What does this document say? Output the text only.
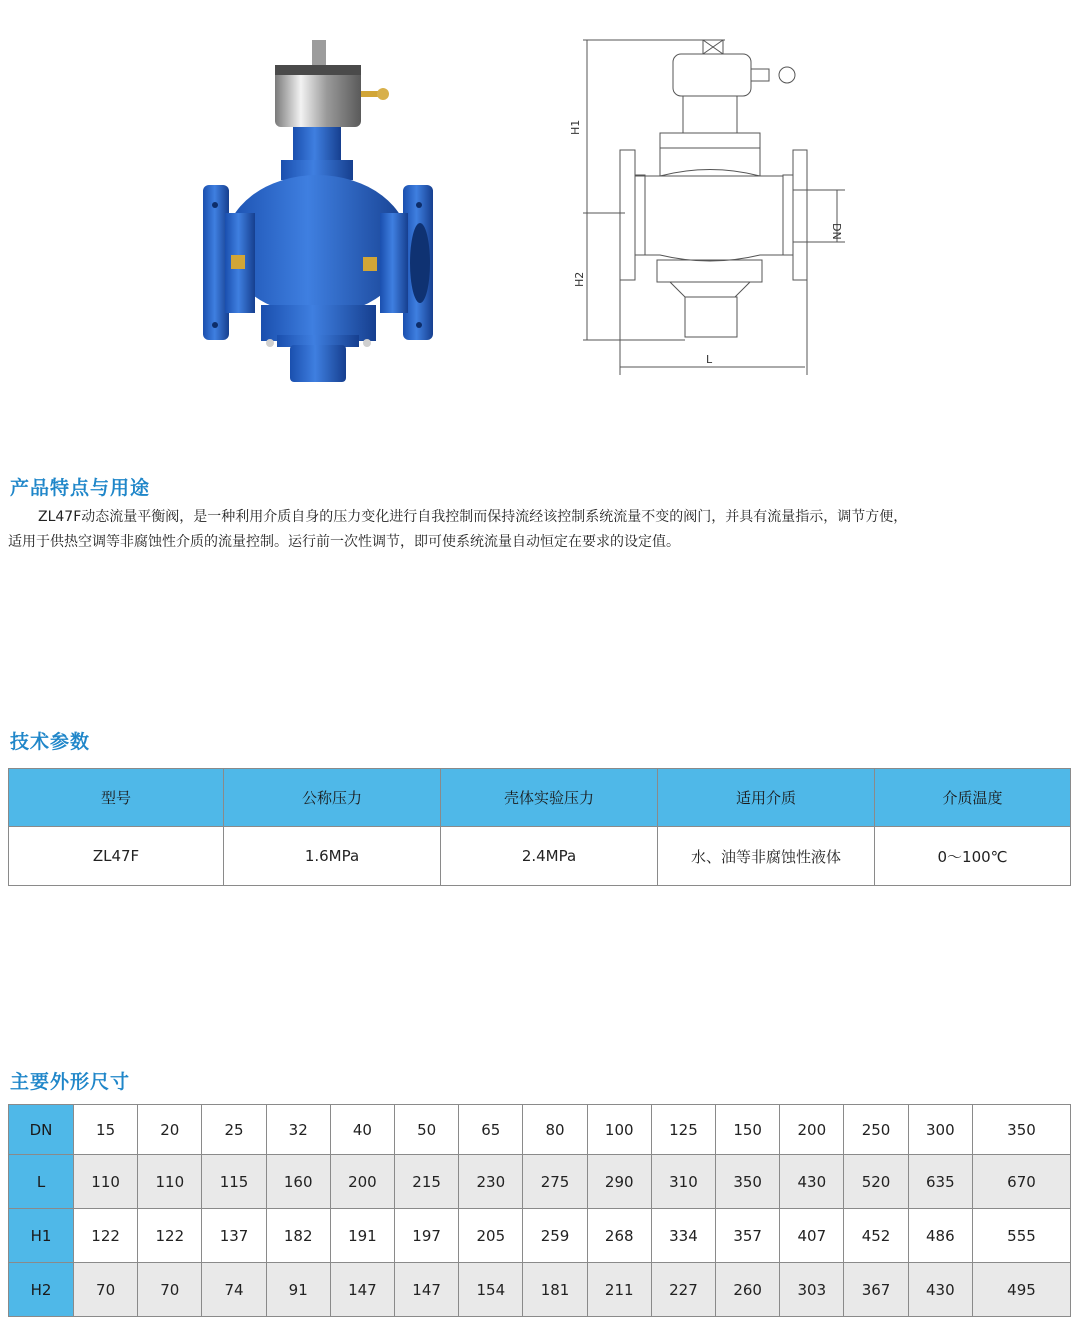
H1
H2
DN
L
产品特点与用途
ZL47F动态流量平衡阀，是一种利用介质自身的压力变化进行自我控制而保持流经该控制系统流量不变的阀门，并具有流量指示，调节方便，
适用于供热空调等非腐蚀性介质的流量控制。运行前一次性调节，即可使系统流量自动恒定在要求的设定值。
技术参数
型号	公称压力	壳体实验压力	适用介质	介质温度
ZL47F	1.6MPa	2.4MPa	水、油等非腐蚀性液体	0～100℃
主要外形尺寸
DN	15	20	25	32	40	50	65	80	100	125	150	200	250	300	350
L	110	110	115	160	200	215	230	275	290	310	350	430	520	635	670
H1	122	122	137	182	191	197	205	259	268	334	357	407	452	486	555
H2	70	70	74	91	147	147	154	181	211	227	260	303	367	430	495
